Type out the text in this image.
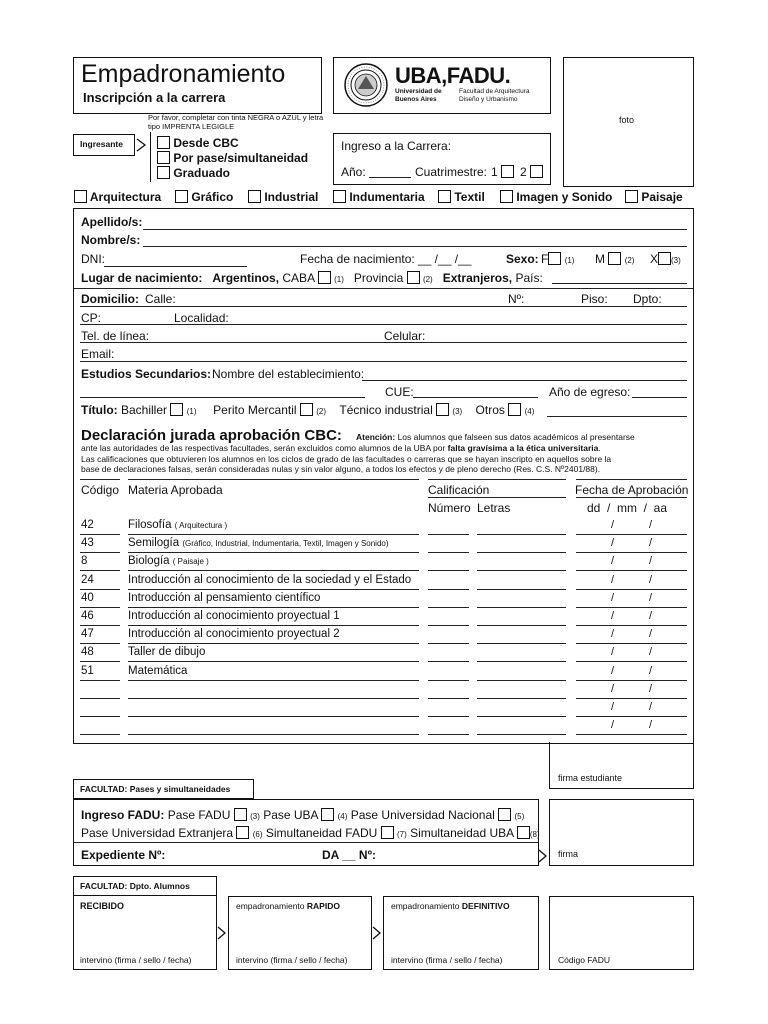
Empadronamiento
Inscripción a la carrera
UBA,FADU.
Universidad de Buenos Aires
Facultad de Arquitectura Diseño y Urbanismo
foto
Por favor, completar con tinta NEGRA o AZUL y letra tipo IMPRENTA LEGIGLE
Ingresante	Desde CBC
Por pase/simultaneidad
Graduado
Ingreso a la Carrera:
Año:	Cuatrimestre: 1	2
Arquitectura	Gráfico	Industrial	Indumentaria	Textil	Imagen y Sonido	Paisaje
Apellido/s:
Nombre/s:
DNI:	Fecha de nacimiento: __ /__ /__	Sexo: F (1) M (2) X (3)
Lugar de nacimiento: Argentinos, CABA (1) Provincia (2) Extranjeros, País:
Domicilio: Calle:	Nº:	Piso: Dpto:
CP:	Localidad:
Tel. de línea:	Celular:
Email:
Estudios Secundarios: Nombre del establecimiento:
CUE:	Año de egreso:
Título: Bachiller (1) Perito Mercantil (2) Técnico industrial (3) Otros (4)
Declaración jurada aprobación CBC: Atención: Los alumnos que falseen sus datos académicos al presentarse
ante las autoridades de las respectivas facultades, serán excluidos como alumnos de la UBA por falta gravísima a la ética universitaria.
Las calificaciones que obtuvieren los alumnos en los ciclos de grado de las facultades o carreras que se hayan inscripto en aquellos sobre la
base de declaraciones falsas, serán consideradas nulas y sin valor alguno, a todos los efectos y de pleno derecho (Res. C.S. Nº2401/88).
Código Materia Aprobada	Calificación	Fecha de Aprobación
Número Letras	dd  /  mm  /  aa
42	Filosofía ( Arquitectura )	/	/
43	Semilogía (Gráfico, Industrial, Indumentaria, Textil, Imagen y Sonido)	/	/
8	Biología ( Paisaje )	/	/
24	Introducción al conocimiento de la sociedad y el Estado	/	/
40	Introducción al pensamiento científico	/	/
46	Introducción al conocimiento proyectual 1	/	/
47	Introducción al conocimiento proyectual 2	/	/
48	Taller de dibujo	/	/
51	Matemática	/	/
/	/
/	/
/	/
firma estudiante
FACULTAD: Pases y simultaneidades
Ingreso FADU: Pase FADU (3) Pase UBA (4) Pase Universidad Nacional (5)
Pase Universidad Extranjera (6) Simultaneidad FADU (7) Simultaneidad UBA (8)
Expediente Nº:	DA __ Nº:	firma
FACULTAD: Dpto. Alumnos
RECIBIDO
intervino (firma / sello / fecha)
empadronamiento RAPIDO
intervino (firma / sello / fecha)
empadronamiento DEFINITIVO
intervino (firma / sello / fecha)	Código FADU
